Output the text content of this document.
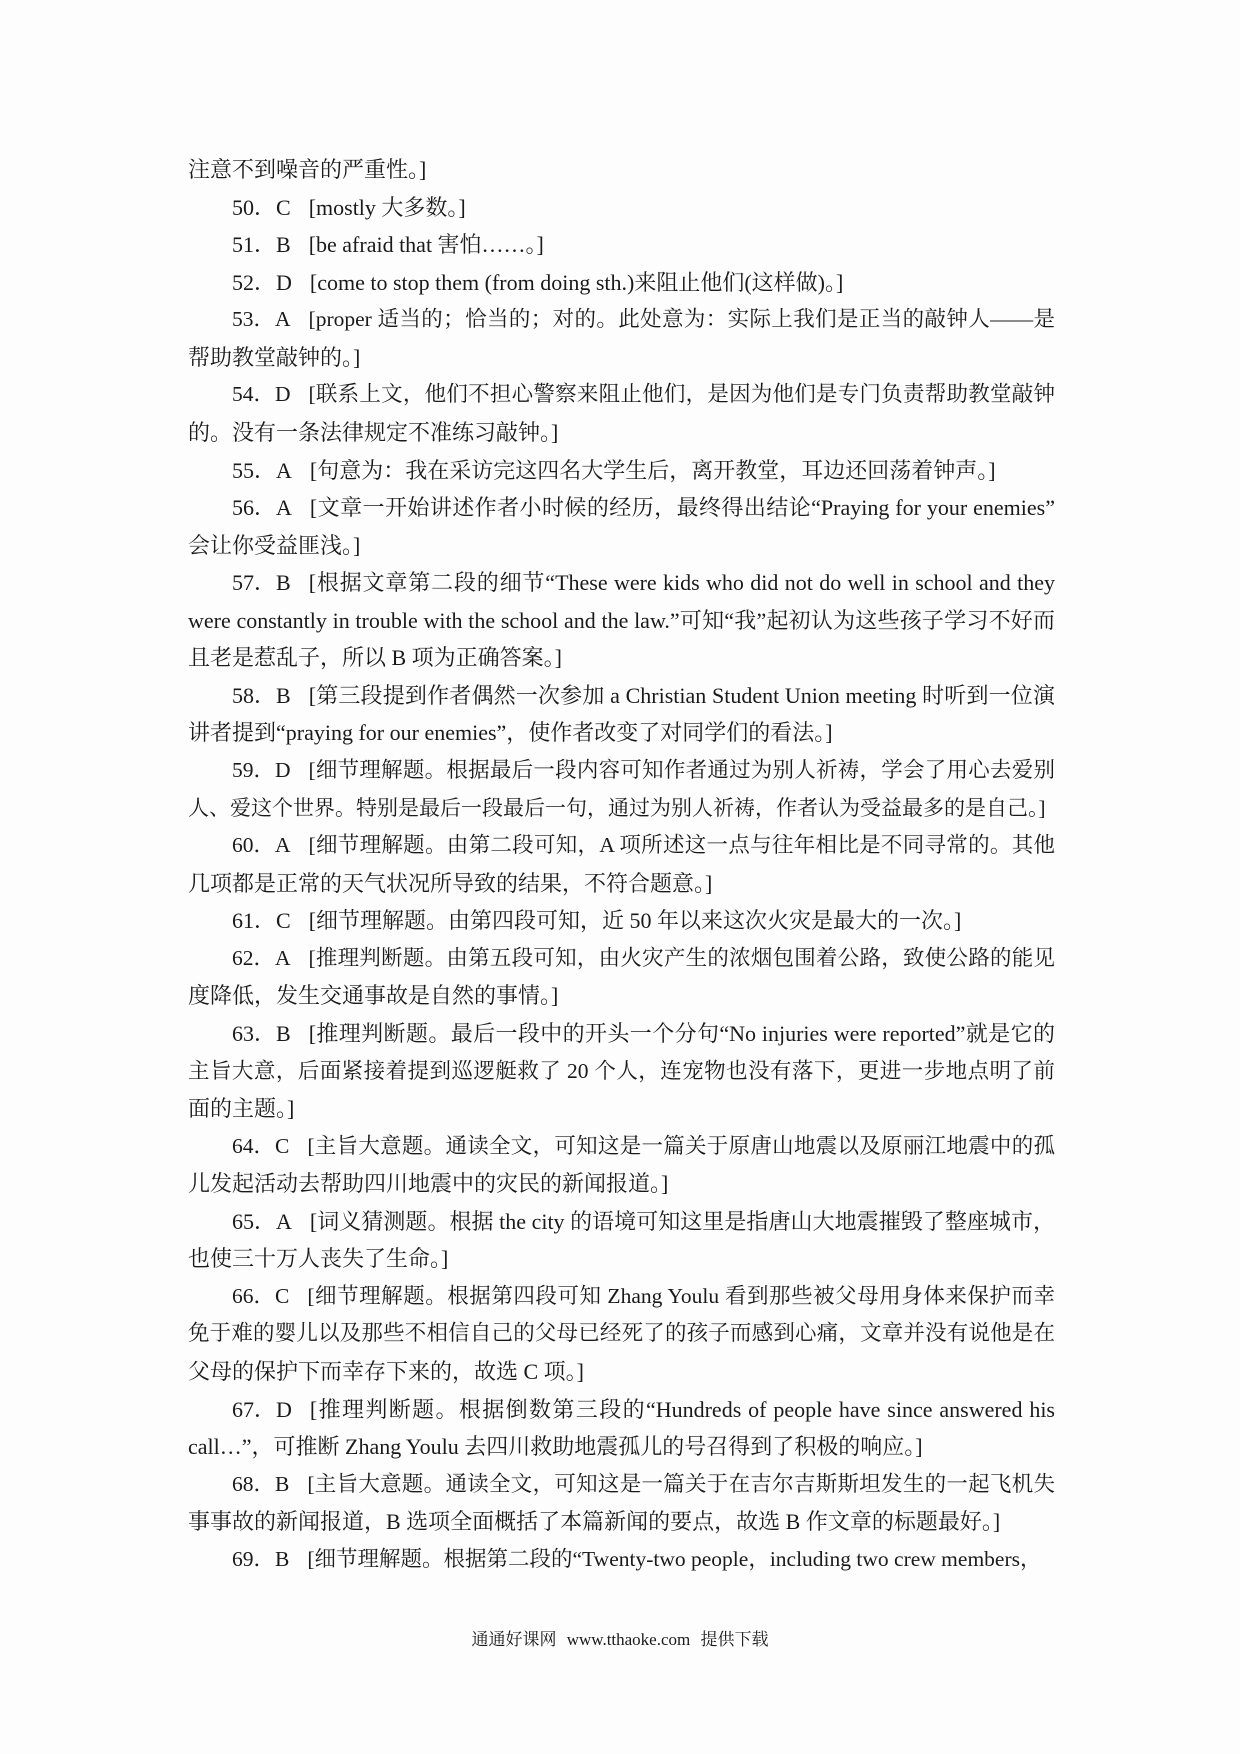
注意不到噪音的严重性。]
50．C [mostly 大多数。]
51．B [be afraid that 害怕……。]
52．D [come to stop them (from doing sth.)来阻止他们(这样做)。]
53．A [proper 适当的；恰当的；对的。此处意为：实际上我们是正当的敲钟人——是
帮助教堂敲钟的。]
54．D [联系上文，他们不担心警察来阻止他们，是因为他们是专门负责帮助教堂敲钟
的。没有一条法律规定不准练习敲钟。]
55．A [句意为：我在采访完这四名大学生后，离开教堂，耳边还回荡着钟声。]
56．A [文章一开始讲述作者小时候的经历，最终得出结论“Praying for your enemies”
会让你受益匪浅。]
57．B [根据文章第二段的细节“These were kids who did not do well in school and they
were constantly in trouble with the school and the law.”可知“我”起初认为这些孩子学习不好而
且老是惹乱子，所以 B 项为正确答案。]
58．B [第三段提到作者偶然一次参加 a Christian Student Union meeting 时听到一位演
讲者提到“praying for our enemies”，使作者改变了对同学们的看法。]
59．D [细节理解题。根据最后一段内容可知作者通过为别人祈祷，学会了用心去爱别
人、爱这个世界。特别是最后一段最后一句，通过为别人祈祷，作者认为受益最多的是自己。]
60．A [细节理解题。由第二段可知，A 项所述这一点与往年相比是不同寻常的。其他
几项都是正常的天气状况所导致的结果，不符合题意。]
61．C [细节理解题。由第四段可知，近 50 年以来这次火灾是最大的一次。]
62．A [推理判断题。由第五段可知，由火灾产生的浓烟包围着公路，致使公路的能见
度降低，发生交通事故是自然的事情。]
63．B [推理判断题。最后一段中的开头一个分句“No injuries were reported”就是它的
主旨大意，后面紧接着提到巡逻艇救了 20 个人，连宠物也没有落下，更进一步地点明了前
面的主题。]
64．C [主旨大意题。通读全文，可知这是一篇关于原唐山地震以及原丽江地震中的孤
儿发起活动去帮助四川地震中的灾民的新闻报道。]
65．A [词义猜测题。根据 the city 的语境可知这里是指唐山大地震摧毁了整座城市，
也使三十万人丧失了生命。]
66．C [细节理解题。根据第四段可知 Zhang Youlu 看到那些被父母用身体来保护而幸
免于难的婴儿以及那些不相信自己的父母已经死了的孩子而感到心痛，文章并没有说他是在
父母的保护下而幸存下来的，故选 C 项。]
67．D [推理判断题。根据倒数第三段的“Hundreds of people have since answered his
call…”，可推断 Zhang Youlu 去四川救助地震孤儿的号召得到了积极的响应。]
68．B [主旨大意题。通读全文，可知这是一篇关于在吉尔吉斯斯坦发生的一起飞机失
事事故的新闻报道，B 选项全面概括了本篇新闻的要点，故选 B 作文章的标题最好。]
69．B [细节理解题。根据第二段的“Twenty-two people，including two crew members，
通通好课网 www.tthaoke.com 提供下载
